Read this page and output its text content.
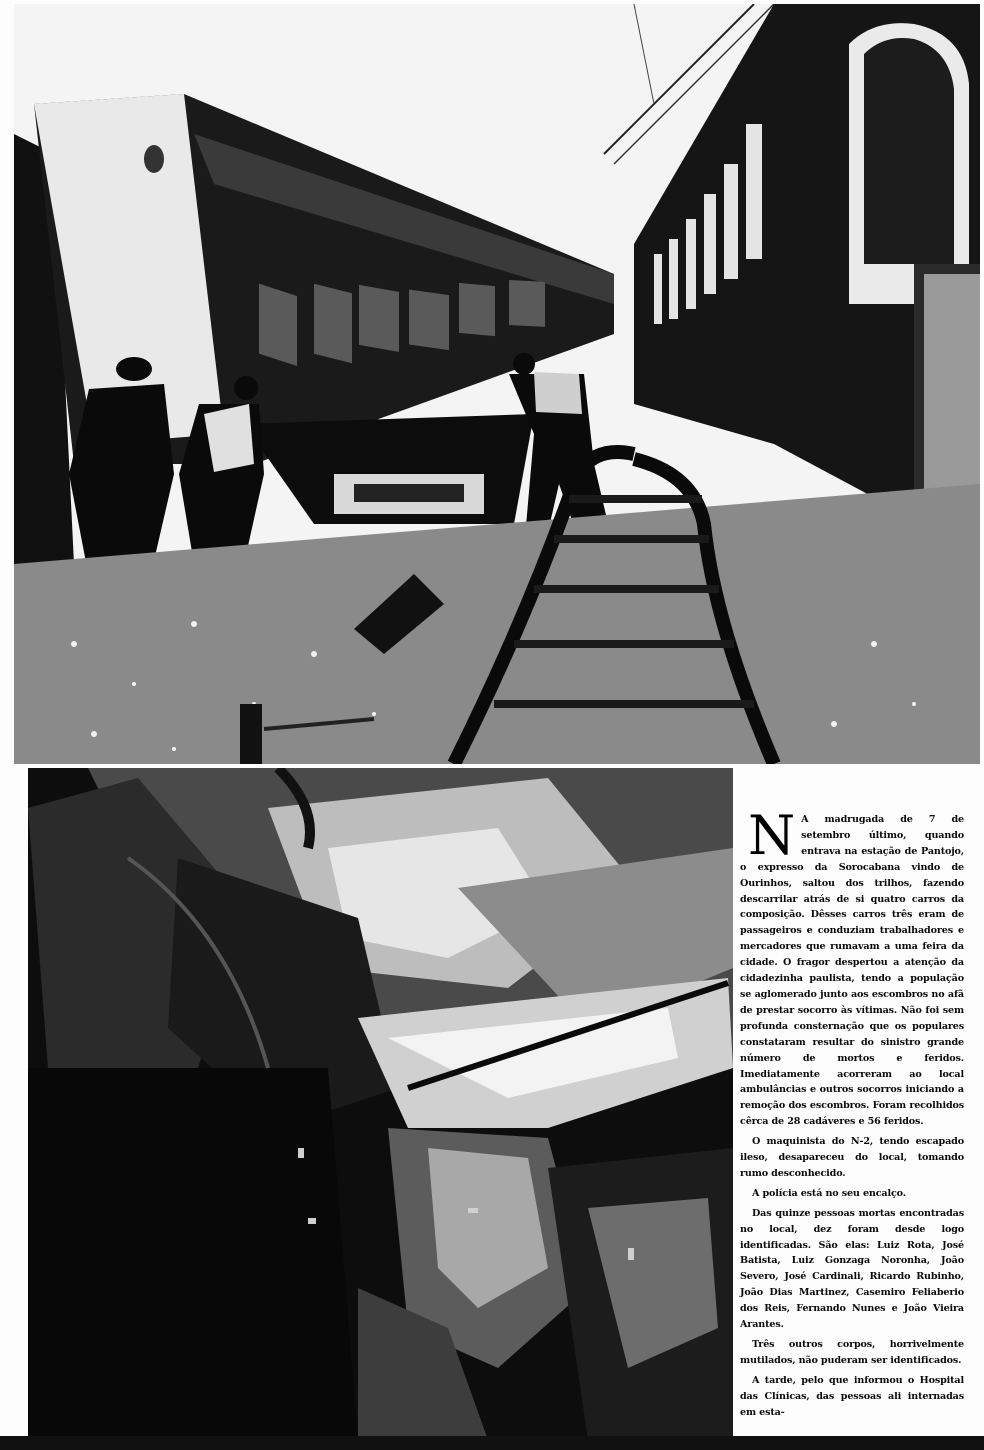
N A madrugada de 7 de setembro último, quando entrava na estação de Pantojo, o expresso da Sorocabana vindo de Ourinhos, saltou dos trilhos, fazendo descarrilar atrás de si quatro carros da composição. Dêsses carros três eram de passageiros e conduziam trabalhadores e mercadores que rumavam a uma feira da cidade. O fragor despertou a atenção da cidadezinha paulista, tendo a população se aglomerado junto aos escombros no afã de prestar socorro às vítimas. Não foi sem profunda consternação que os populares constataram resultar do sinistro grande número de mortos e feridos. Imediatamente acorreram ao local ambulâncias e outros socorros iniciando a remoção dos escombros. Foram recolhidos cêrca de 28 cadáveres e 56 feridos.

O maquinista do N-2, tendo escapado ileso, desapareceu do local, tomando rumo desconhecido.

A polícia está no seu encalço.

Das quinze pessoas mortas encontradas no local, dez foram desde logo identificadas. São elas: Luiz Rota, José Batista, Luiz Gonzaga Noronha, João Severo, José Cardinali, Ricardo Rubinho, João Dias Martinez, Casemiro Feliaberio dos Reis, Fernando Nunes e João Vieira Arantes.

Três outros corpos, horrivelmente mutilados, não puderam ser identificados.

A tarde, pelo que informou o Hospital das Clínicas, das pessoas ali internadas em esta-
